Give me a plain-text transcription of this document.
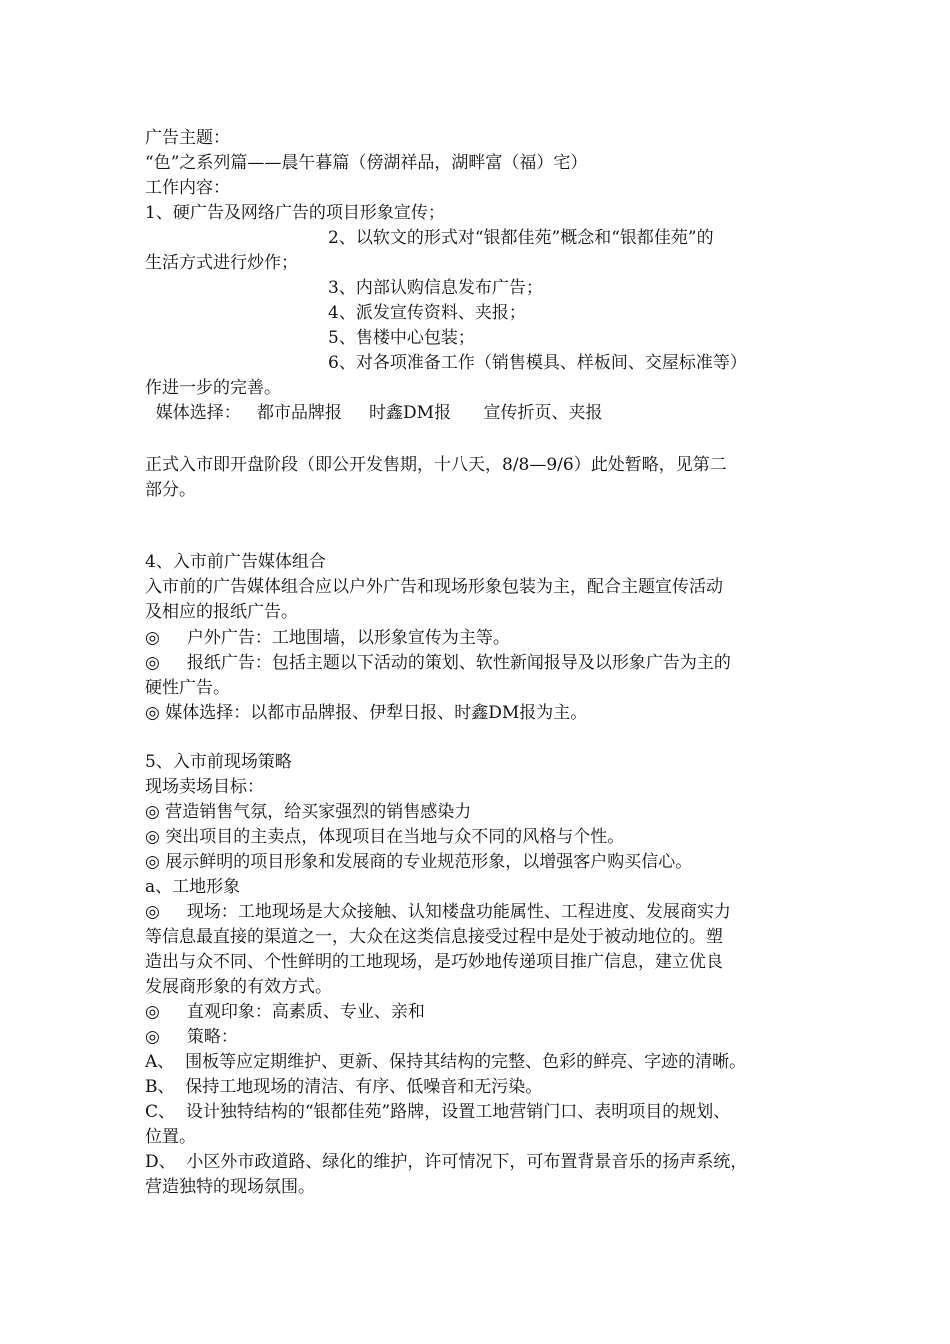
广告主题：
“色”之系列篇——晨午暮篇（傍湖祥品，湖畔富（福）宅）
工作内容：
1、硬广告及网络广告的项目形象宣传；
2、以软文的形式对“银都佳苑”概念和“银都佳苑”的
生活方式进行炒作；
3、内部认购信息发布广告；
4、派发宣传资料、夹报；
5、售楼中心包装；
6、对各项准备工作（销售模具、样板间、交屋标准等）
作进一步的完善。
媒体选择：   都市品牌报     时鑫DM报      宣传折页、夹报
正式入市即开盘阶段（即公开发售期，十八天，8/8—9/6）此处暂略，见第二
部分。
4、入市前广告媒体组合
入市前的广告媒体组合应以户外广告和现场形象包装为主，配合主题宣传活动
及相应的报纸广告。
◎     户外广告：工地围墙，以形象宣传为主等。
◎     报纸广告：包括主题以下活动的策划、软性新闻报导及以形象广告为主的
硬性广告。
◎ 媒体选择：以都市品牌报、伊犁日报、时鑫DM报为主。
5、入市前现场策略
现场卖场目标：
◎ 营造销售气氛，给买家强烈的销售感染力
◎ 突出项目的主卖点，体现项目在当地与众不同的风格与个性。
◎ 展示鲜明的项目形象和发展商的专业规范形象，以增强客户购买信心。
a、工地形象
◎     现场：工地现场是大众接触、认知楼盘功能属性、工程进度、发展商实力
等信息最直接的渠道之一，大众在这类信息接受过程中是处于被动地位的。塑
造出与众不同、个性鲜明的工地现场，是巧妙地传递项目推广信息，建立优良
发展商形象的有效方式。
◎     直观印象：高素质、专业、亲和
◎     策略：
A、  围板等应定期维护、更新、保持其结构的完整、色彩的鲜亮、字迹的清晰。
B、  保持工地现场的清洁、有序、低噪音和无污染。
C、  设计独特结构的“银都佳苑”路牌，设置工地营销门口、表明项目的规划、
位置。
D、  小区外市政道路、绿化的维护，许可情况下，可布置背景音乐的扬声系统，
营造独特的现场氛围。
